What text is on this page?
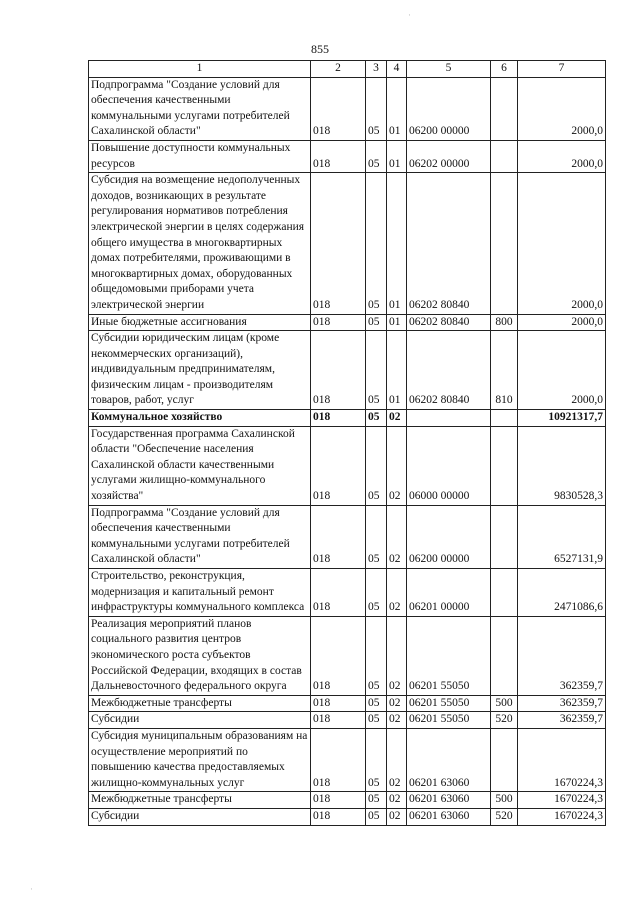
855
1	2	3	4	5	6	7
Подпрограмма "Создание условий для обеспечения качественными коммунальными услугами потребителей Сахалинской области"	018	05	01	06200 00000		2000,0
Повышение доступности коммунальных ресурсов	018	05	01	06202 00000		2000,0
Субсидия на возмещение недополученных доходов, возникающих в результате регулирования нормативов потребления электрической энергии в целях содержания общего имущества в многоквартирных домах потребителями, проживающими в многоквартирных домах, оборудованных общедомовыми приборами учета электрической энергии	018	05	01	06202 80840		2000,0
Иные бюджетные ассигнования	018	05	01	06202 80840	800	2000,0
Субсидии юридическим лицам (кроме некоммерческих организаций), индивидуальным предпринимателям, физическим лицам - производителям товаров, работ, услуг	018	05	01	06202 80840	810	2000,0
Коммунальное хозяйство	018	05	02			10921317,7
Государственная программа Сахалинской области "Обеспечение населения Сахалинской области качественными услугами жилищно-коммунального хозяйства"	018	05	02	06000 00000		9830528,3
Подпрограмма "Создание условий для обеспечения качественными коммунальными услугами потребителей Сахалинской области"	018	05	02	06200 00000		6527131,9
Строительство, реконструкция, модернизация и капитальный ремонт инфраструктуры коммунального комплекса	018	05	02	06201 00000		2471086,6
Реализация мероприятий планов социального развития центров экономического роста субъектов Российской Федерации, входящих в состав Дальневосточного федерального округа	018	05	02	06201 55050		362359,7
Межбюджетные трансферты	018	05	02	06201 55050	500	362359,7
Субсидии	018	05	02	06201 55050	520	362359,7
Субсидия муниципальным образованиям на осуществление мероприятий по повышению качества предоставляемых жилищно-коммунальных услуг	018	05	02	06201 63060		1670224,3
Межбюджетные трансферты	018	05	02	06201 63060	500	1670224,3
Субсидии	018	05	02	06201 63060	520	1670224,3
·
·
